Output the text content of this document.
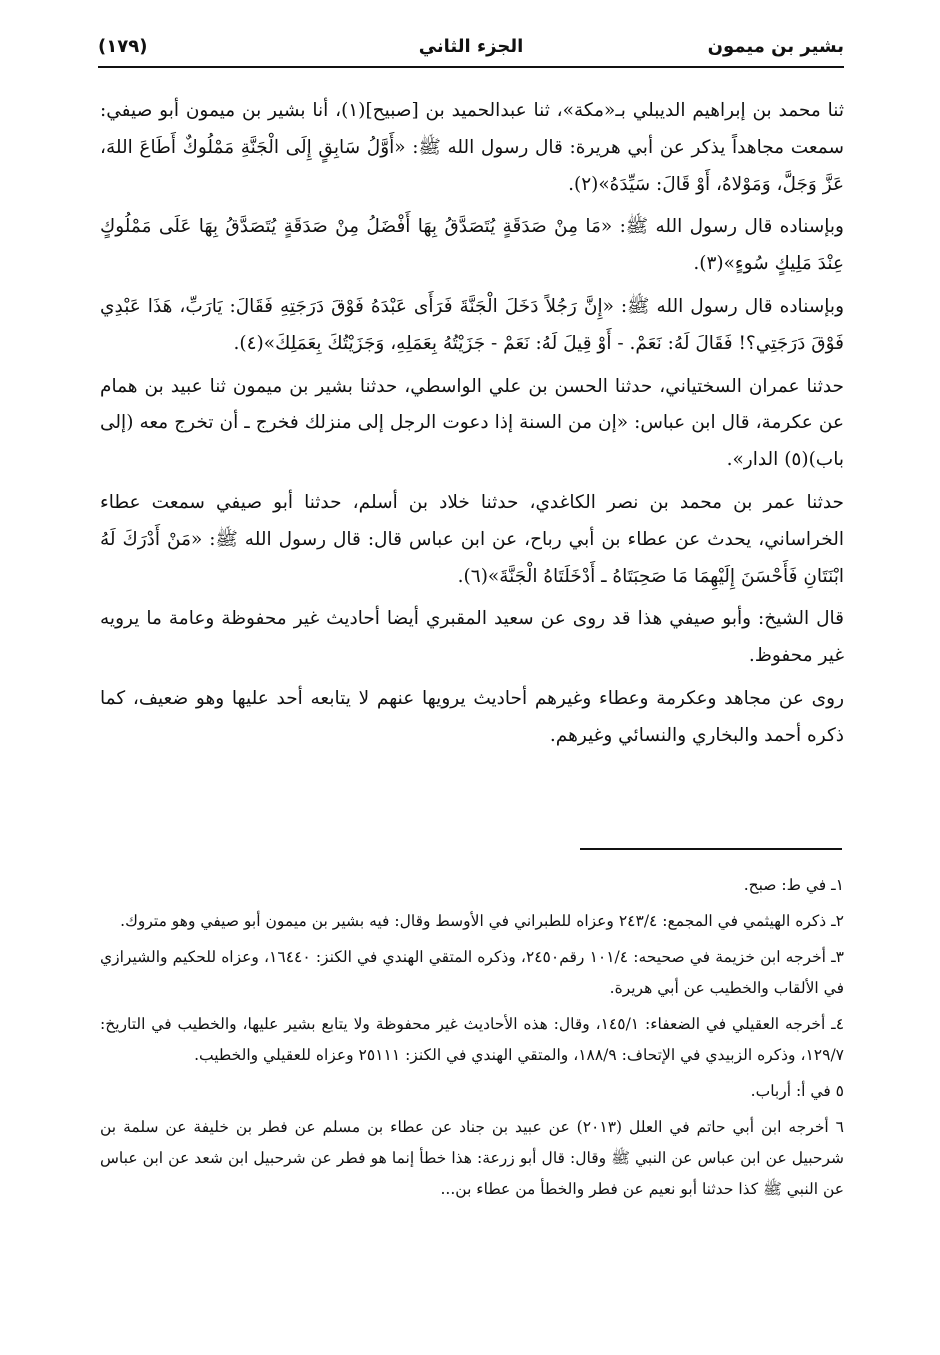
بشير بن ميمون
الجزء الثاني
(١٧٩)

ثنا محمد بن إبراهيم الديبلي بـ«مكة»، ثنا عبدالحميد بن [صبيح](١)، أنا بشير بن ميمون أبو صيفي: سمعت مجاهداً يذكر عن أبي هريرة: قال رسول الله ﷺ: «أَوَّلُ سَابِقٍ إِلَى الْجَنَّةِ مَمْلُوكٌ أَطَاعَ اللهَ، عَزَّ وَجَلَّ، وَمَوْلاهُ، أَوْ قَالَ: سَيِّدَهُ»(٢).

وبإسناده قال رسول الله ﷺ: «مَا مِنْ صَدَقَةٍ يُتَصَدَّقُ بِهَا أَفْضَلُ مِنْ صَدَقَةٍ يُتَصَدَّقُ بِهَا عَلَى مَمْلُوكٍ عِنْدَ مَلِيكٍ سُوءٍ»(٣).

وبإسناده قال رسول الله ﷺ: «إِنَّ رَجُلاً دَخَلَ الْجَنَّةَ فَرَأَى عَبْدَهُ فَوْقَ دَرَجَتِهِ فَقَالَ: يَارَبِّ، هَذَا عَبْدِي فَوْقَ دَرَجَتِي؟! فَقَالَ لَهُ: نَعَمْ. - أَوْ قِيلَ لَهُ: نَعَمْ - جَزَيْتُهُ بِعَمَلِهِ، وَجَزَيْتُكَ بِعَمَلِكَ»(٤).

حدثنا عمران السختياني، حدثنا الحسن بن علي الواسطي، حدثنا بشير بن ميمون ثنا عبيد بن همام عن عكرمة، قال ابن عباس: «إن من السنة إذا دعوت الرجل إلى منزلك فخرج ـ أن تخرج معه (إلى باب)(٥) الدار».

حدثنا عمر بن محمد بن نصر الكاغدي، حدثنا خلاد بن أسلم، حدثنا أبو صيفي سمعت عطاء الخراساني، يحدث عن عطاء بن أبي رباح، عن ابن عباس قال: قال رسول الله ﷺ: «مَنْ أَدْرَكَ لَهُ ابْنَتَانِ فَأَحْسَنَ إِلَيْهِمَا مَا صَحِبَتَاهُ ـ أَدْخَلَتَاهُ الْجَنَّةَ»(٦).

قال الشيخ: وأبو صيفي هذا قد روى عن سعيد المقبري أيضا أحاديث غير محفوظة وعامة ما يرويه غير محفوظ.

روى عن مجاهد وعكرمة وعطاء وغيرهم أحاديث يرويها عنهم لا يتابعه أحد عليها وهو ضعيف، كما ذكره أحمد والبخاري والنسائي وغيرهم.

١ـ في ط: صبح.
٢ـ ذكره الهيثمي في المجمع: ٢٤٣/٤ وعزاه للطبراني في الأوسط وقال: فيه بشير بن ميمون أبو صيفي وهو متروك.
٣ـ أخرجه ابن خزيمة في صحيحه: ١٠١/٤ رقم٢٤٥٠، وذكره المتقي الهندي في الكنز: ١٦٤٤٠، وعزاه للحكيم والشيرازي في الألقاب والخطيب عن أبي هريرة.
٤ـ أخرجه العقيلي في الضعفاء: ١٤٥/١، وقال: هذه الأحاديث غير محفوظة ولا يتابع بشير عليها، والخطيب في التاريخ: ١٢٩/٧، وذكره الزبيدي في الإتحاف: ١٨٨/٩، والمتقي الهندي في الكنز: ٢٥١١١ وعزاه للعقيلي والخطيب.
٥ في أ: أرباب.
٦ أخرجه ابن أبي حاتم في العلل (٢٠١٣) عن عبيد بن جناد عن عطاء بن مسلم عن فطر بن خليفة عن سلمة بن شرحبيل عن ابن عباس عن النبي ﷺ وقال: قال أبو زرعة: هذا خطأ إنما هو فطر عن شرحبيل ابن شعد عن ابن عباس عن النبي ﷺ كذا حدثنا أبو نعيم عن فطر والخطأ من عطاء بن...
